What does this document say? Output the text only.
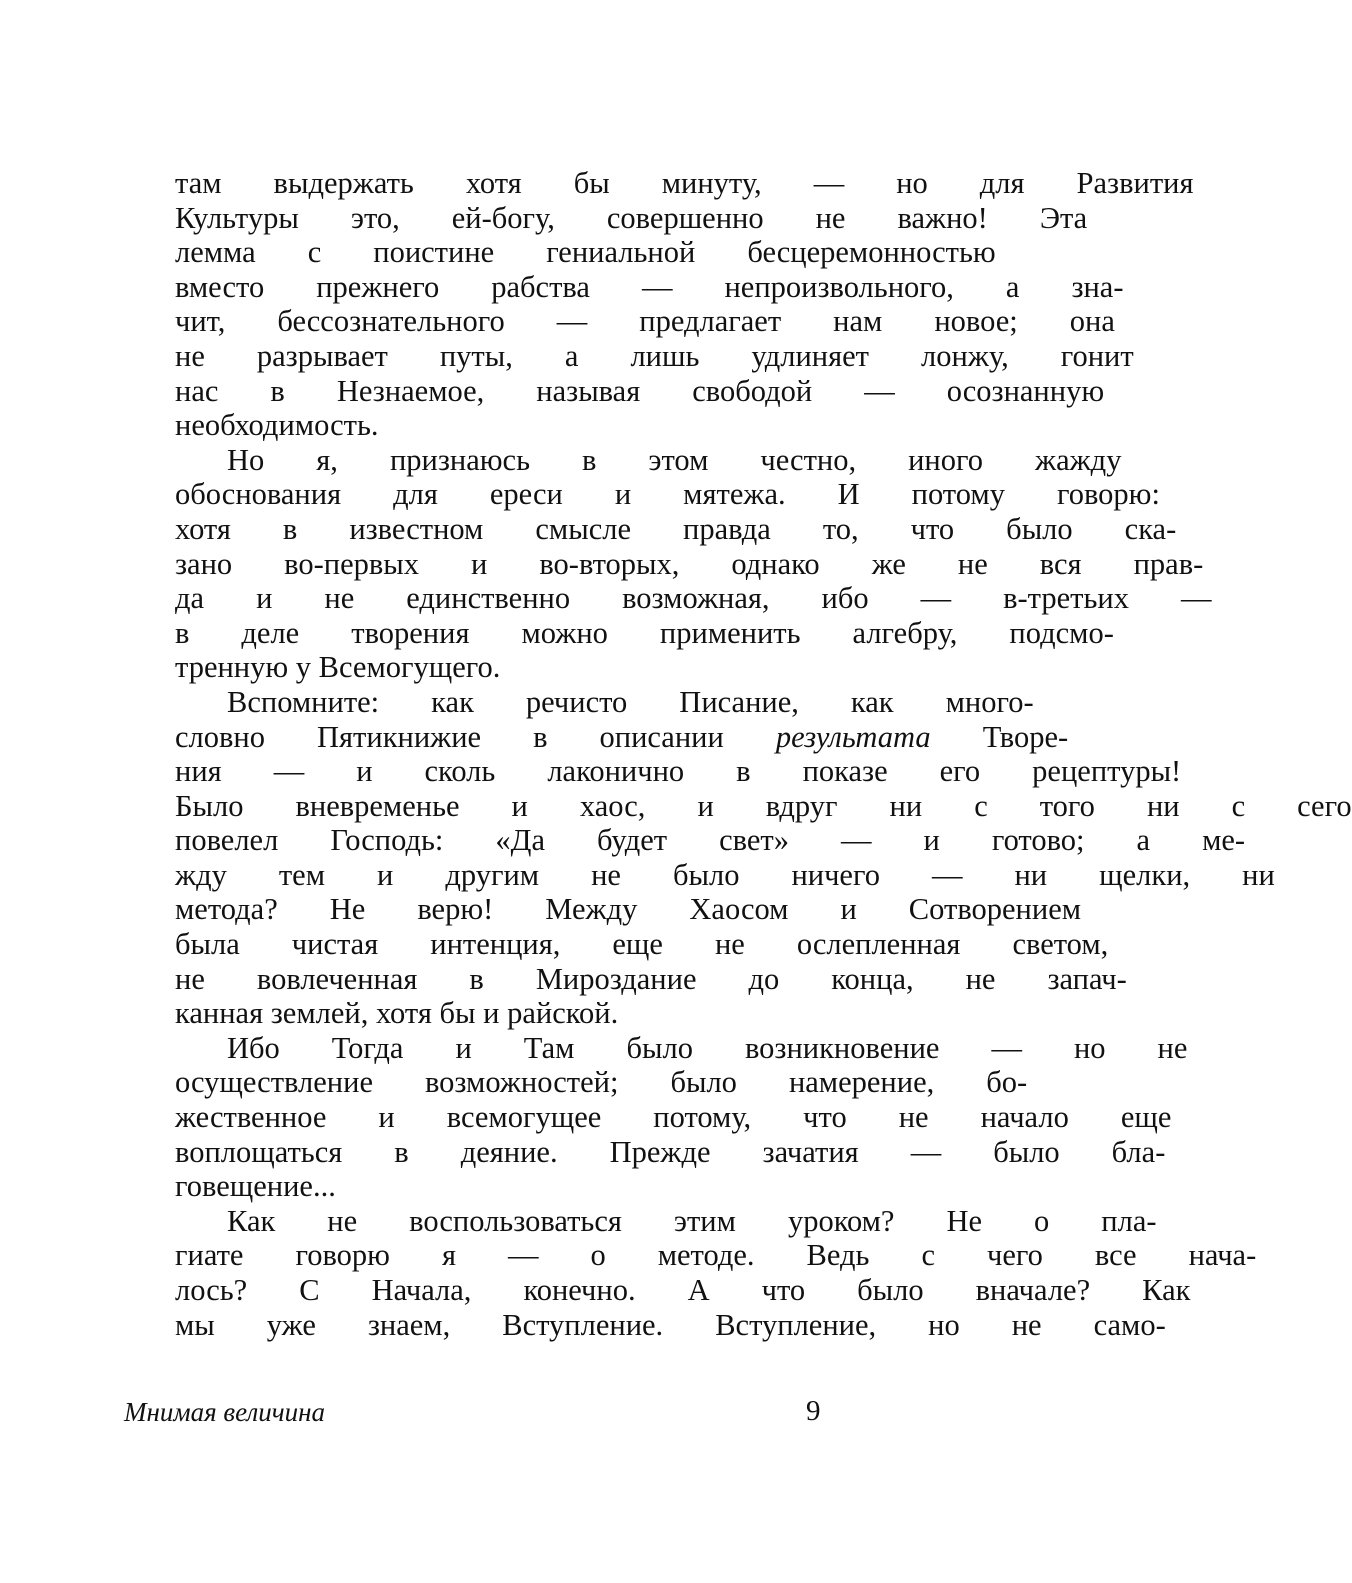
там	выдержать	хотя	бы	минуту,	—	но	для	Развития
Культуры	это,	ей-богу,	совершенно	не	важно!	Эта
лемма	с	поистине	гениальной	бесцеремонностью
вместо	прежнего	рабства	—	непроизвольного,	а	зна-
чит,	бессознательного	—	предлагает	нам	новое;	она
не	разрывает	путы,	а	лишь	удлиняет	лонжу,	гонит
нас	в	Незнаемое,	называя	свободой	—	осознанную
необходимость.
Но	я,	признаюсь	в	этом	честно,	иного	жажду
обоснования	для	ереси	и	мятежа.	И	потому	говорю:
хотя	в	известном	смысле	правда	то,	что	было	ска-
зано	во-первых	и	во-вторых,	однако	же	не	вся	прав-
да	и	не	единственно	возможная,	ибо	—	в-третьих	—
в	деле	творения	можно	применить	алгебру,	подсмо-
тренную у Всемогущего.
Вспомните:	как	речисто	Писание,	как	много-
словно	Пятикнижие	в	описании	результата	Творе-
ния	—	и	сколь	лаконично	в	показе	его	рецептуры!
Было	вневременье	и	хаос,	и	вдруг	ни	с	того	ни	с	сего
повелел	Господь:	«Да	будет	свет»	—	и	готово;	а	ме-
жду	тем	и	другим	не	было	ничего	—	ни	щелки,	ни
метода?	Не	верю!	Между	Хаосом	и	Сотворением
была	чистая	интенция,	еще	не	ослепленная	светом,
не	вовлеченная	в	Мироздание	до	конца,	не	запач-
канная землей, хотя бы и райской.
Ибо	Тогда	и	Там	было	возникновение	—	но	не
осуществление	возможностей;	было	намерение,	бо-
жественное	и	всемогущее	потому,	что	не	начало	еще
воплощаться	в	деяние.	Прежде	зачатия	—	было	бла-
говещение...
Как	не	воспользоваться	этим	уроком?	Не	о	пла-
гиате	говорю	я	—	о	методе.	Ведь	с	чего	все	нача-
лось?	С	Начала,	конечно.	А	что	было	вначале?	Как
мы	уже	знаем,	Вступление.	Вступление,	но	не	само-
Мнимая величина	9
